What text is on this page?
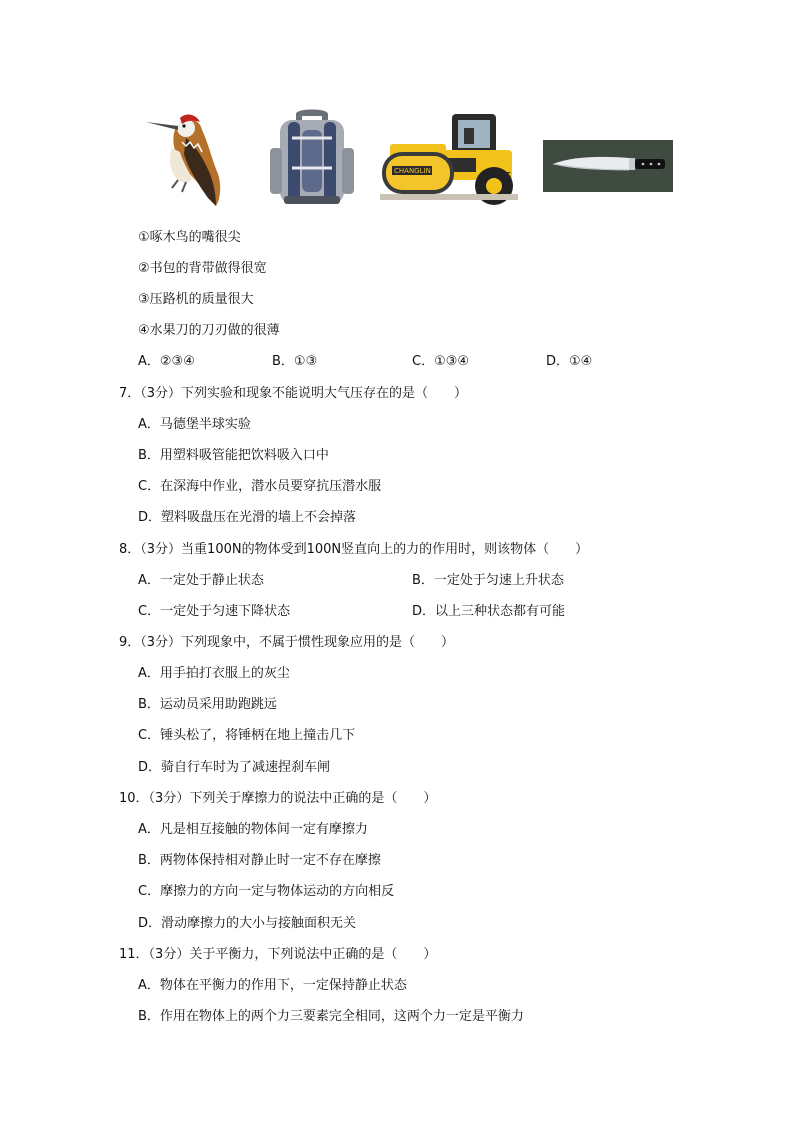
CHANGLIN	YZ16T
①啄木鸟的嘴很尖
②书包的背带做得很宽
③压路机的质量很大
④水果刀的刀刃做的很薄
A．②③④	B．①③	C．①③④	D．①④
7．（3分）下列实验和现象不能说明大气压存在的是（　　）
A．马德堡半球实验
B．用塑料吸管能把饮料吸入口中
C．在深海中作业，潜水员要穿抗压潜水服
D．塑料吸盘压在光滑的墙上不会掉落
8．（3分）当重100N的物体受到100N竖直向上的力的作用时，则该物体（　　）
A．一定处于静止状态	B．一定处于匀速上升状态
C．一定处于匀速下降状态	D．以上三种状态都有可能
9．（3分）下列现象中，不属于惯性现象应用的是（　　）
A．用手拍打衣服上的灰尘
B．运动员采用助跑跳远
C．锤头松了，将锤柄在地上撞击几下
D．骑自行车时为了减速捏刹车闸
10．（3分）下列关于摩擦力的说法中正确的是（　　）
A．凡是相互接触的物体间一定有摩擦力
B．两物体保持相对静止时一定不存在摩擦
C．摩擦力的方向一定与物体运动的方向相反
D．滑动摩擦力的大小与接触面积无关
11．（3分）关于平衡力，下列说法中正确的是（　　）
A．物体在平衡力的作用下，一定保持静止状态
B．作用在物体上的两个力三要素完全相同，这两个力一定是平衡力
